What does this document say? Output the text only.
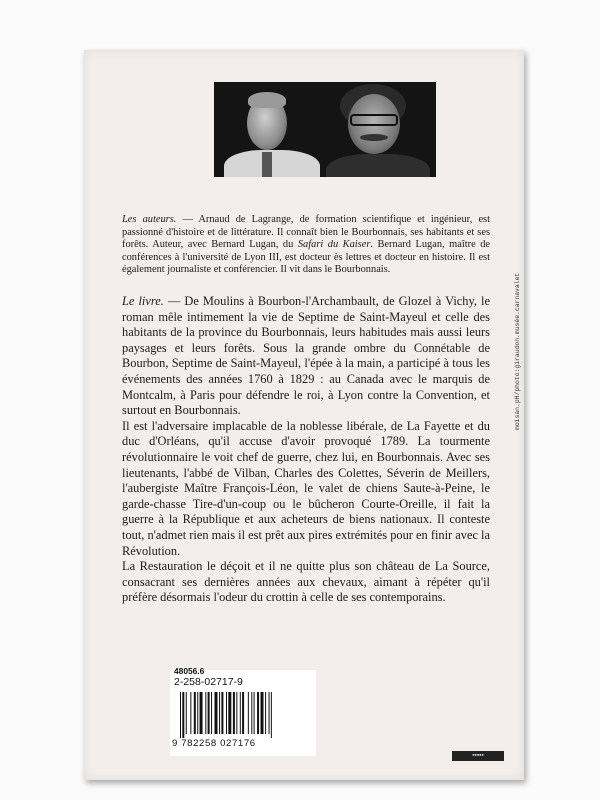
Les auteurs. — Arnaud de Lagrange, de formation scientifique et ingénieur, est passionné d'histoire et de littérature. Il connaît bien le Bourbonnais, ses habitants et ses forêts. Auteur, avec Bernard Lugan, du Safari du Kaiser. Bernard Lugan, maître de conférences à l'université de Lyon III, est docteur ès lettres et docteur en histoire. Il est également journaliste et conférencier. Il vit dans le Bourbonnais.

Le livre. — De Moulins à Bourbon-l'Archambault, de Glozel à Vichy, le roman mêle intimement la vie de Septime de Saint-Mayeul et celle des habitants de la province du Bourbonnais, leurs habitudes mais aussi leurs paysages et leurs forêts. Sous la grande ombre du Connétable de Bourbon, Septime de Saint-Mayeul, l'épée à la main, a participé à tous les événements des années 1760 à 1829 : au Canada avec le marquis de Montcalm, à Paris pour défendre le roi, à Lyon contre la Convention, et surtout en Bourbonnais.

Il est l'adversaire implacable de la noblesse libérale, de La Fayette et du duc d'Orléans, qu'il accuse d'avoir provoqué 1789. La tourmente révolutionnaire le voit chef de guerre, chez lui, en Bourbonnais. Avec ses lieutenants, l'abbé de Vilban, Charles des Colettes, Séverin de Meillers, l'aubergiste Maître François-Léon, le valet de chiens Saute-à-Peine, le garde-chasse Tire-d'un-coup ou le bûcheron Courte-Oreille, il fait la guerre à la République et aux acheteurs de biens nationaux. Il conteste tout, n'admet rien mais il est prêt aux pires extrémités pour en finir avec la Révolution.

La Restauration le déçoit et il ne quitte plus son château de La Source, consacrant ses dernières années aux chevaux, aimant à répéter qu'il préfère désormais l'odeur du crottin à celle de ses contemporains.

moisan.pH/photo:giraudon.musée.carnavalet
48056.6
2-258-02717-9
9 782258 027176
▪▪▪▪▪
